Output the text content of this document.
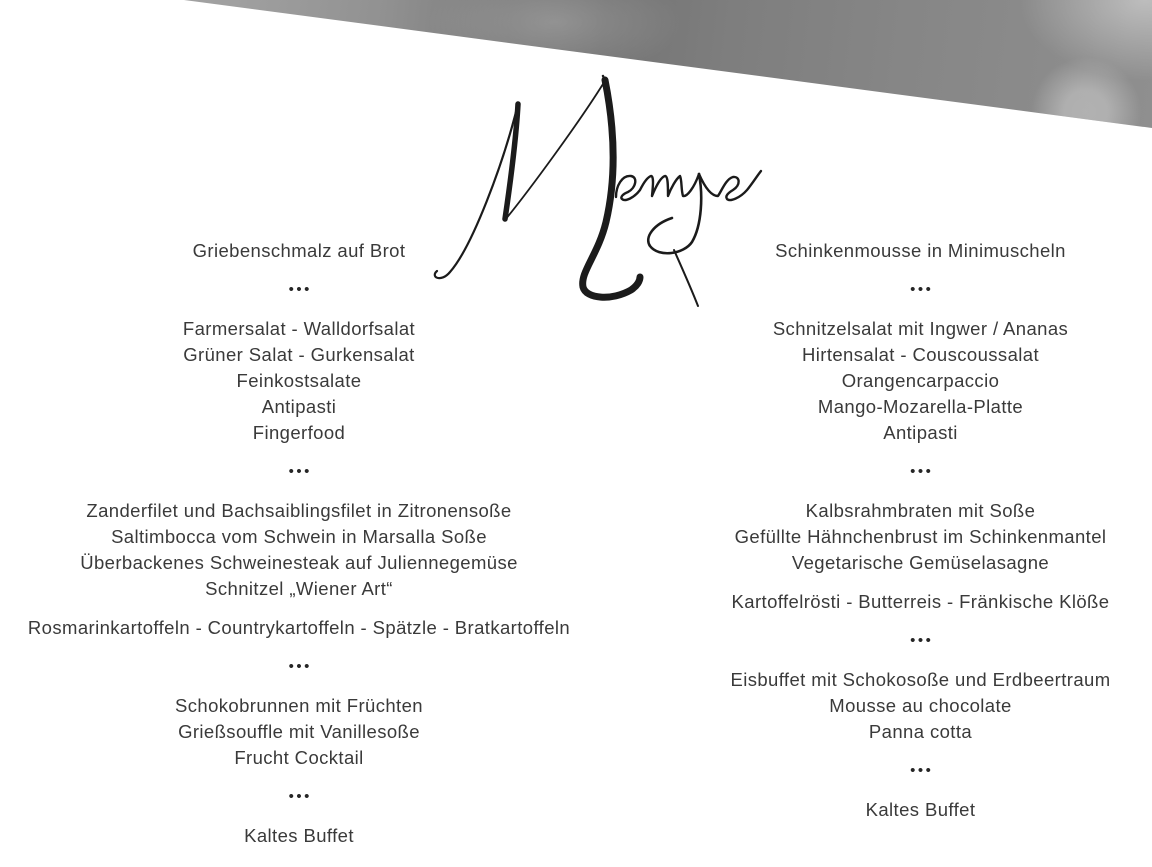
Griebenschmalz auf Brot
•••
Farmersalat - Walldorfsalat
Grüner Salat - Gurkensalat
Feinkostsalate
Antipasti
Fingerfood
•••
Zanderfilet und Bachsaiblingsfilet in Zitronensoße
Saltimbocca vom Schwein in Marsalla Soße
Überbackenes Schweinesteak auf Juliennegemüse
Schnitzel „Wiener Art“
Rosmarinkartoffeln - Countrykartoffeln - Spätzle - Bratkartoffeln
•••
Schokobrunnen mit Früchten
Grießsouffle mit Vanillesoße
Frucht Cocktail
•••
Kaltes Buffet
Schinkenmousse in Minimuscheln
•••
Schnitzelsalat mit Ingwer / Ananas
Hirtensalat - Couscoussalat
Orangencarpaccio
Mango-Mozarella-Platte
Antipasti
•••
Kalbsrahmbraten mit Soße
Gefüllte Hähnchenbrust im Schinkenmantel
Vegetarische Gemüselasagne
Kartoffelrösti - Butterreis - Fränkische Klöße
•••
Eisbuffet mit Schokosoße und Erdbeertraum
Mousse au chocolate
Panna cotta
•••
Kaltes Buffet
